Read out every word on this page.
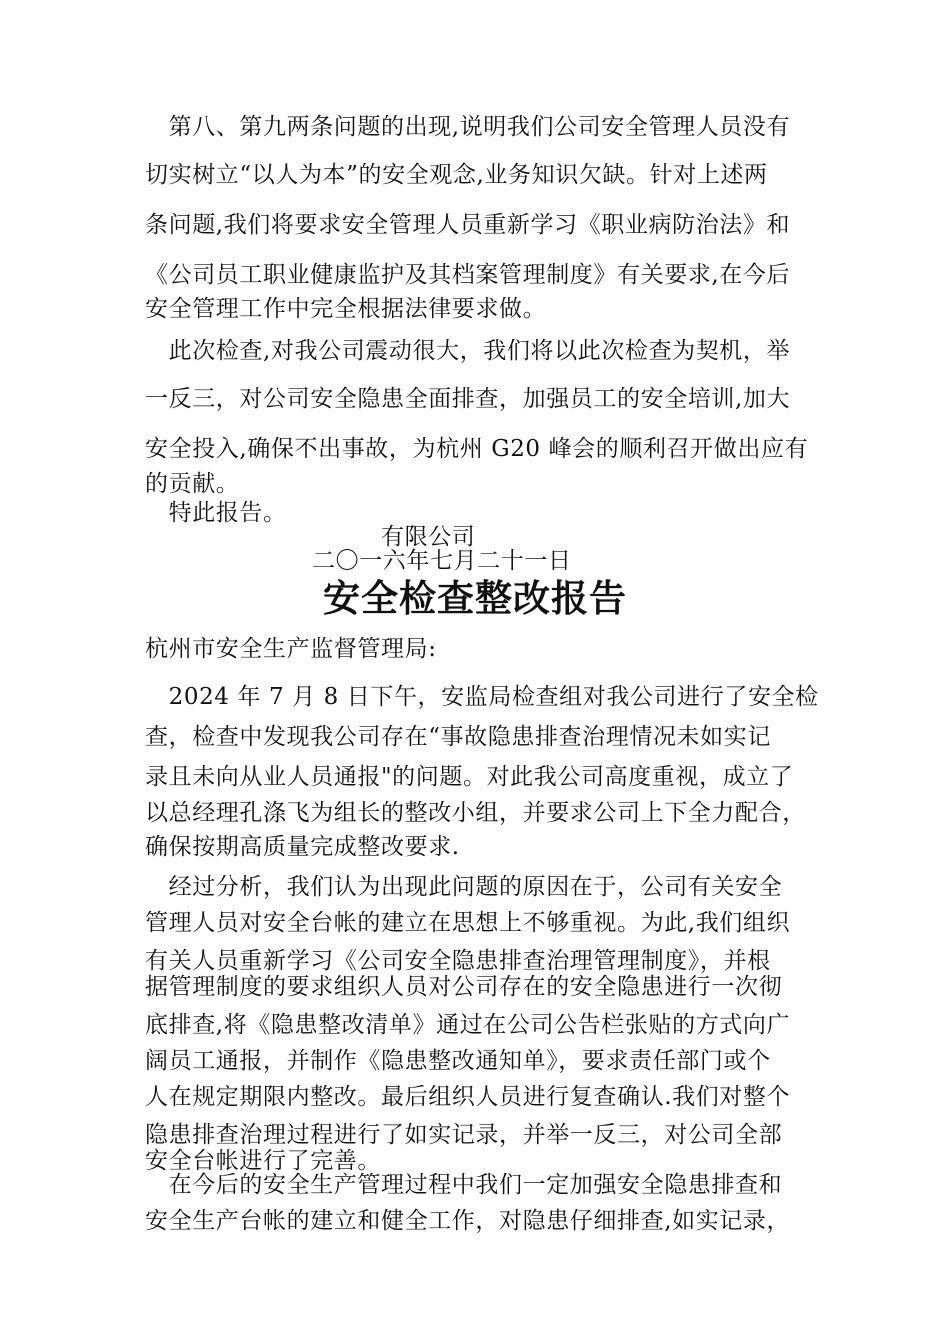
　第八、第九两条问题的出现,说明我们公司安全管理人员没有
切实树立“以人为本”的安全观念,业务知识欠缺。针对上述两
条问题,我们将要求安全管理人员重新学习《职业病防治法》和
《公司员工职业健康监护及其档案管理制度》有关要求,在今后
安全管理工作中完全根据法律要求做。
　此次检查,对我公司震动很大，我们将以此次检查为契机，举
一反三，对公司安全隐患全面排查，加强员工的安全培训,加大
安全投入,确保不出事故，为杭州 G20 峰会的顺利召开做出应有
的贡献。
　特此报告。
有限公司
二〇一六年七月二十一日
安全检查整改报告
杭州市安全生产监督管理局:
　2024 年 7 月 8 日下午，安监局检查组对我公司进行了安全检
查，检查中发现我公司存在“事故隐患排查治理情况未如实记
录且未向从业人员通报"的问题。对此我公司高度重视，成立了
以总经理孔涤飞为组长的整改小组，并要求公司上下全力配合，
确保按期高质量完成整改要求.
　经过分析，我们认为出现此问题的原因在于，公司有关安全
管理人员对安全台帐的建立在思想上不够重视。为此,我们组织
有关人员重新学习《公司安全隐患排查治理管理制度》，并根
据管理制度的要求组织人员对公司存在的安全隐患进行一次彻
底排查,将《隐患整改清单》通过在公司公告栏张贴的方式向广
阔员工通报，并制作《隐患整改通知单》，要求责任部门或个
人在规定期限内整改。最后组织人员进行复查确认.我们对整个
隐患排查治理过程进行了如实记录，并举一反三，对公司全部
安全台帐进行了完善。
　在今后的安全生产管理过程中我们一定加强安全隐患排查和
安全生产台帐的建立和健全工作，对隐患仔细排查,如实记录，
